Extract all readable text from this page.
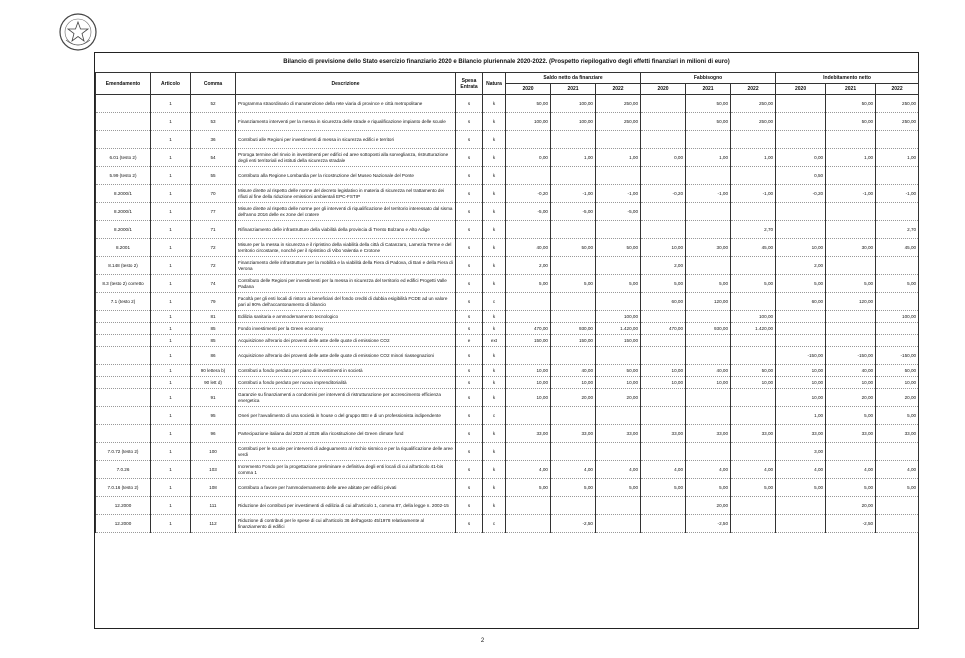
Bilancio di previsione dello Stato esercizio finanziario 2020 e Bilancio pluriennale 2020-2022. (Prospetto riepilogativo degli effetti finanziari in milioni di euro)
Emendamento	Articolo	Comma	Descrizione	Spesa Entrata	Natura	Saldo netto da finanziare			Fabbisogno			Indebitamento netto		
						2020	2021	2022	2020	2021	2022	2020	2021	2022
	1	52	Programma straordinario di manutenzione della rete viaria di province e città metropolitane	s	k	50,00	100,00	250,00		50,00	250,00		50,00	250,00
	1	53	Finanziamento interventi per la messa in sicurezza delle strade e riqualificazione impianto delle scuole	s	k	100,00	100,00	250,00		50,00	250,00		50,00	250,00
	1	36	Contributi alle Regioni per investimenti di messa in sicurezza edifici e territori	s	k									
6.01 (testo 2)	1	54	Proroga termine del rinvio in investimenti per edifici ed aree sottoposti alla sorveglianza, ristrutturazione degli enti territoriali ed istituti della sicurezza stradale	s	k	0,00	1,00	1,00	0,00	1,00	1,00	0,00	1,00	1,00
5.99 (testo 2)	1	55	Contributo alla Regione Lombardia per la ricostruzione del Museo Nazionale del Ponte	s	k							0,50		
8.2000/1	1	70	Misure dirette al rispetto delle norme del decreto legislativo in materia di sicurezza nel trattamento dei rifiuti al fine della riduzione emissioni ambientali EPC-FSTIP	s	k	-0,20	-1,00	-1,00	-0,20	-1,00	-1,00	-0,20	-1,00	-1,00
8.2000/1	1	77	Misure dirette al rispetto delle norme per gli interventi di riqualificazione del territorio interessato dal sisma dell'anno 2016 delle ex zone del cratere	s	k	-5,00	-5,00	-5,00						
8.2000/1	1	71	Rifinanziamento delle infrastrutture della viabilità della provincia di Trento Bolzano e Alto Adige	s	k						2,70			2,70
8.2001	1	72	Misure per la messa in sicurezza e il ripristino della viabilità della città di Catanzaro, Lamezia Terme e del territorio circostante, nonché per il ripristino di Vibo Valentia e Crotone	s	k	40,00	50,00	50,00	10,00	30,00	45,00	10,00	30,00	45,00
8.148 (testo 2)	1	72	Finanziamento delle infrastrutture per la mobilità e la viabilità della Fiera di Padova, di Bari e della Fiera di Verona	s	k	2,00			2,00			2,00		
8.3 (testo 2) corretto	1	74	Contributo delle Regioni per investimenti per la messa in sicurezza del territorio ed edifici Progetti Valle Padana	s	k	5,00	5,00	5,00	5,00	5,00	5,00	5,00	5,00	5,00
7.1 (testo 2)	1	79	Facoltà per gli enti locali di ristoro ai beneficiari del fondo crediti di dubbia esigibilità FCDE ad un valore pari al 90% dell'accantonamento di bilancio	s	c				60,00	120,00		60,00	120,00	
	1	81	Edilizia sanitaria e ammodernamento tecnologico	s	k			100,00			100,00			100,00
	1	85	Fondo investimenti per la Green economy	s	k	470,00	930,00	1.420,00	470,00	930,00	1.420,00			
	1	85	Acquisizione all'erario dei proventi delle aste delle quote di emissione CO2	e	ext	150,00	150,00	150,00						
	1	86	Acquisizione all'erario dei proventi delle aste delle quote di emissione CO2 minori riassegnazioni	s	k							-150,00	-150,00	-150,00
	1	90 lettera b)	Contributi a fondo perduto per piano di investimenti in società	s	k	10,00	40,00	50,00	10,00	40,00	50,00	10,00	40,00	50,00
	1	90 lett d)	Contributi a fondo perduto per nuova imprenditorialità	s	k	10,00	10,00	10,00	10,00	10,00	10,00	10,00	10,00	10,00
	1	91	Garanzie su finanziamenti a condomini per interventi di ristrutturazione per accrescimento efficienza energetica	s	k	10,00	20,00	20,00				10,00	20,00	20,00
	1	95	Oneri per l'avvalimento di una società in house o del gruppo BEI e di un professionista indipendente	s	c							1,00	5,00	5,00
	1	96	Partecipazione italiana dal 2020 al 2026 alla ricostituzione del Green climate fund	s	k	33,00	33,00	33,00	33,00	33,00	33,00	33,00	33,00	33,00
7.0.72 (testo 2)	1	100	Contributi per le scuole per interventi di adeguamento al rischio sismico e per la riqualificazione delle aree verdi	s	k							3,00		
7.0.26	1	103	Incremento Fondo per la progettazione preliminare e definitiva degli enti locali di cui all'articolo 41-bis comma 1	s	k	4,00	4,00	4,00	4,00	4,00	4,00	4,00	4,00	4,00
7.0.16 (testo 2)	1	108	Contributo a favore per l'ammodernamento delle aree abitate per edifici privati	s	k	5,00	5,00	5,00	5,00	5,00	5,00	5,00	5,00	5,00
12.2000	1	111	Riduzione dei contributi per investimenti di edilizia di cui all'articolo 1, comma 87, della legge n. 2002-15	s	k					20,00			20,00	
12.2000	1	112	Riduzione di contributi per le spese di cui all'articolo 36 dell'agosto 45/1978 relativamente al finanziamento di edifici	s	c		-2,50			-2,50			-2,50	
2
